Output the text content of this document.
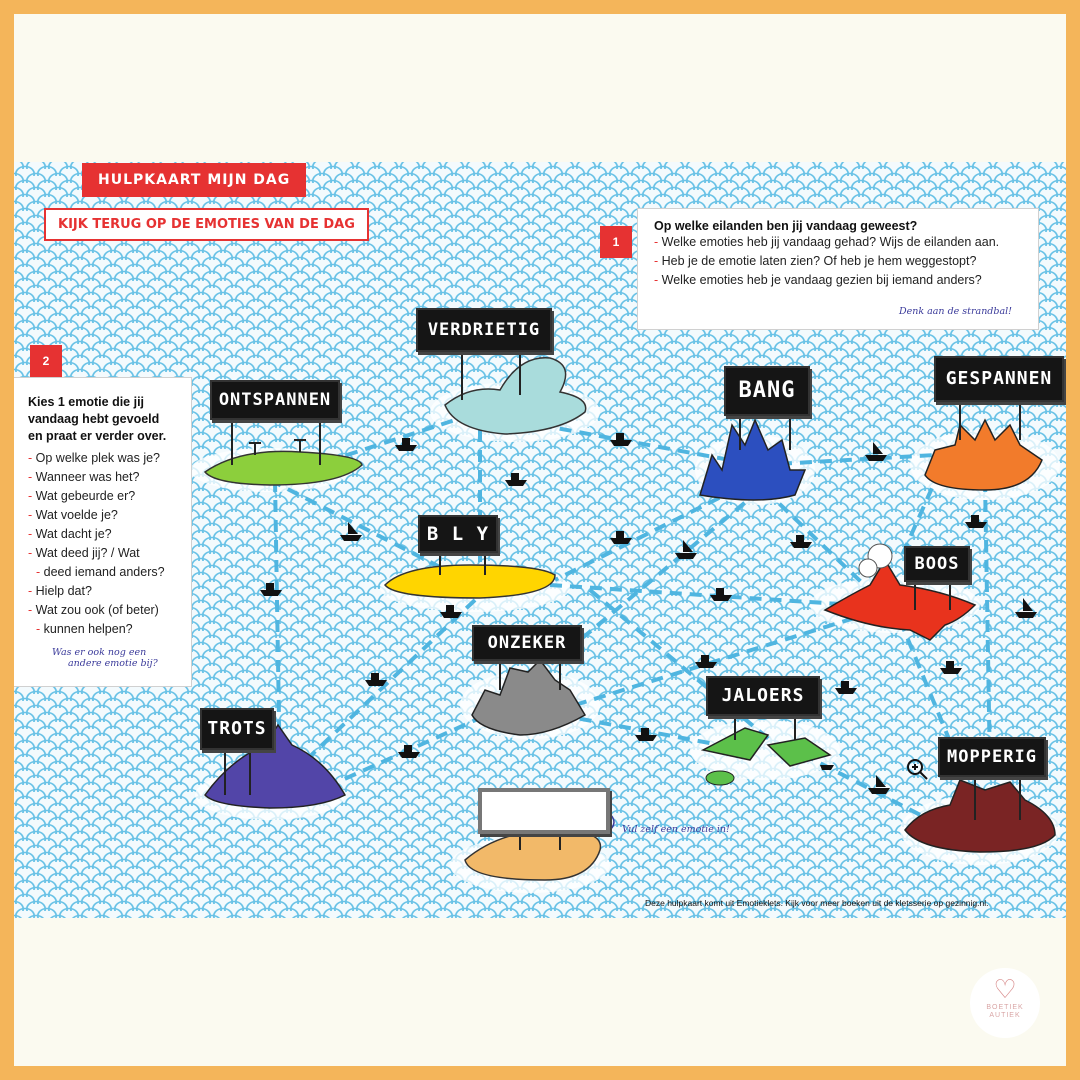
HULPKAART MIJN DAG
KIJK TERUG OP DE EMOTIES VAN DE DAG
1
Op welke eilanden ben jij vandaag geweest?
- Welke emoties heb jij vandaag gehad? Wijs de eilanden aan.
- Heb je de emotie laten zien? Of heb je hem weggestopt?
- Welke emoties heb je vandaag gezien bij iemand anders?
Denk aan de strandbal!
2
Kies 1 emotie die jij
vandaag hebt gevoeld
en praat er verder over.
- Op welke plek was je?
- Wanneer was het?
- Wat gebeurde er?
- Wat voelde je?
- Wat dacht je?
- Wat deed jij? / Wat
- deed iemand anders?
- Hielp dat?
- Wat zou ook (of beter)
- kunnen helpen?
Was er ook nog een
andere emotie bij?
ONTSPANNEN
VERDRIETIG
BANG	GESPANNEN
B L Y
BOOS
ONZEKER
JALOERS
TROTS
MOPPERIG
Vul zelf een emotie in!
Deze hulpkaart komt uit Emotieklets. Kijk voor meer boeken uit de kletsserie op gezinnig.nl.
♡
BOETIEK
AUTIEK
